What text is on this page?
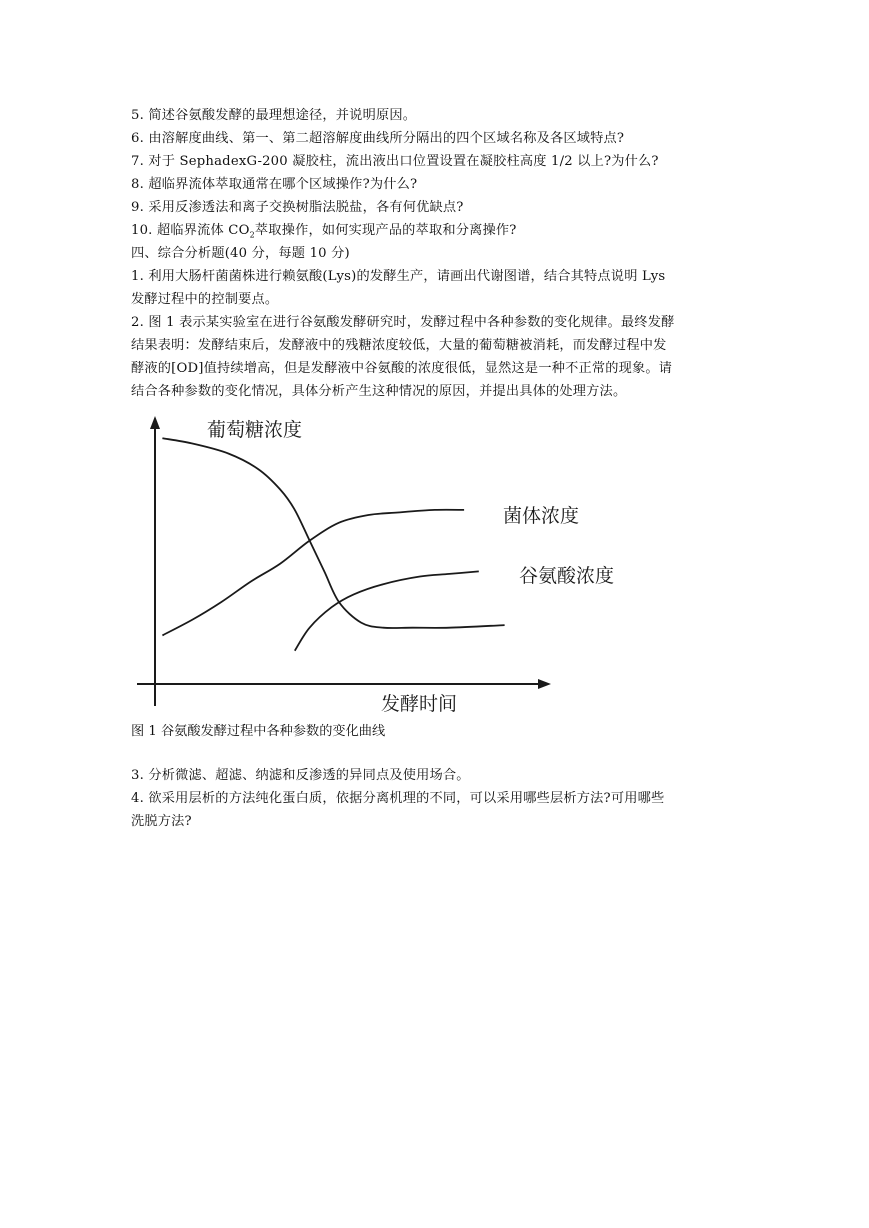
5. 简述谷氨酸发酵的最理想途径，并说明原因。
6. 由溶解度曲线、第一、第二超溶解度曲线所分隔出的四个区域名称及各区域特点?
7. 对于 SephadexG-200 凝胶柱，流出液出口位置设置在凝胶柱高度 1/2 以上?为什么?
8. 超临界流体萃取通常在哪个区域操作?为什么?
9. 采用反渗透法和离子交换树脂法脱盐，各有何优缺点?
10. 超临界流体 $CO_2$萃取操作，如何实现产品的萃取和分离操作?
四、综合分析题(40 分，每题 10 分)
1. 利用大肠杆菌菌株进行赖氨酸(Lys)的发酵生产，请画出代谢图谱，结合其特点说明 Lys
发酵过程中的控制要点。
2. 图 1 表示某实验室在进行谷氨酸发酵研究时，发酵过程中各种参数的变化规律。最终发酵
结果表明：发酵结束后，发酵液中的残糖浓度较低，大量的葡萄糖被消耗，而发酵过程中发
酵液的[OD]值持续增高，但是发酵液中谷氨酸的浓度很低，显然这是一种不正常的现象。请
结合各种参数的变化情况，具体分析产生这种情况的原因，并提出具体的处理方法。
葡萄糖浓度
菌体浓度
谷氨酸浓度
发酵时间
图 1 谷氨酸发酵过程中各种参数的变化曲线
3. 分析微滤、超滤、纳滤和反渗透的异同点及使用场合。
4. 欲采用层析的方法纯化蛋白质，依据分离机理的不同，可以采用哪些层析方法?可用哪些
洗脱方法?
